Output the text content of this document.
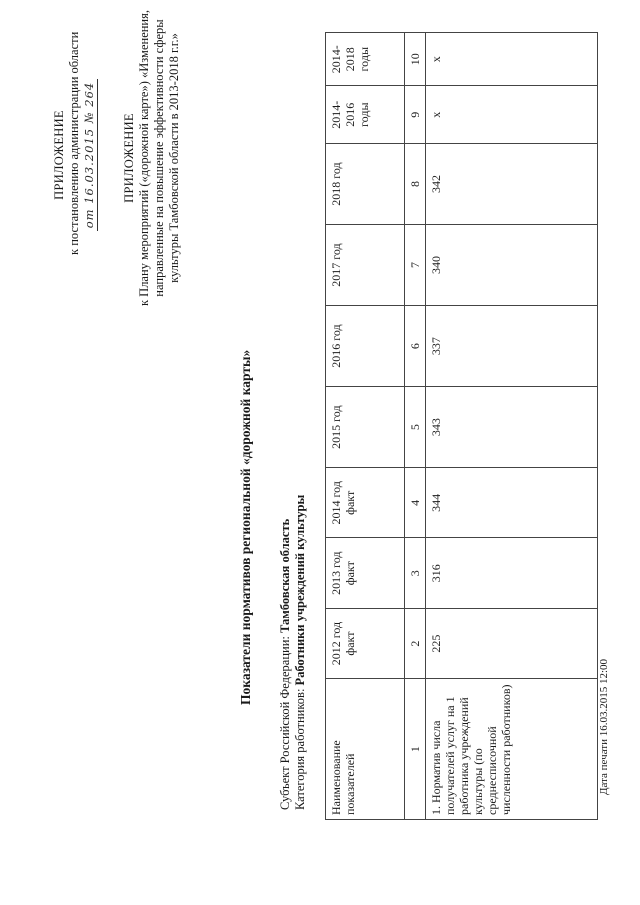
ПРИЛОЖЕНИЕ к постановлению администрации области от 16.03.2015 № 264 ПРИЛОЖЕНИЕ к Плану мероприятий («дорожной карте») «Изменения, направленные на повышение эффективности сферы культуры Тамбовской области в 2013-2018 г.г.»
Показатели нормативов региональной «дорожной карты»
Субъект Российской Федерации: Тамбовская область
Категория работников: Работники учреждений культуры
Наименование показателей	2012 год факт	2013 год факт	2014 год факт	2015 год	2016 год	2017 год	2018 год	2014-2016 годы	2014-2018 годы
1	2	3	4	5	6	7	8	9	10
1. Норматив числа получателей услуг на 1 работника учреждений культуры (по среднесписочной численности работников)	225	316	344	343	337	340	342	х	х
Дата печати 16.03.2015 12:00
